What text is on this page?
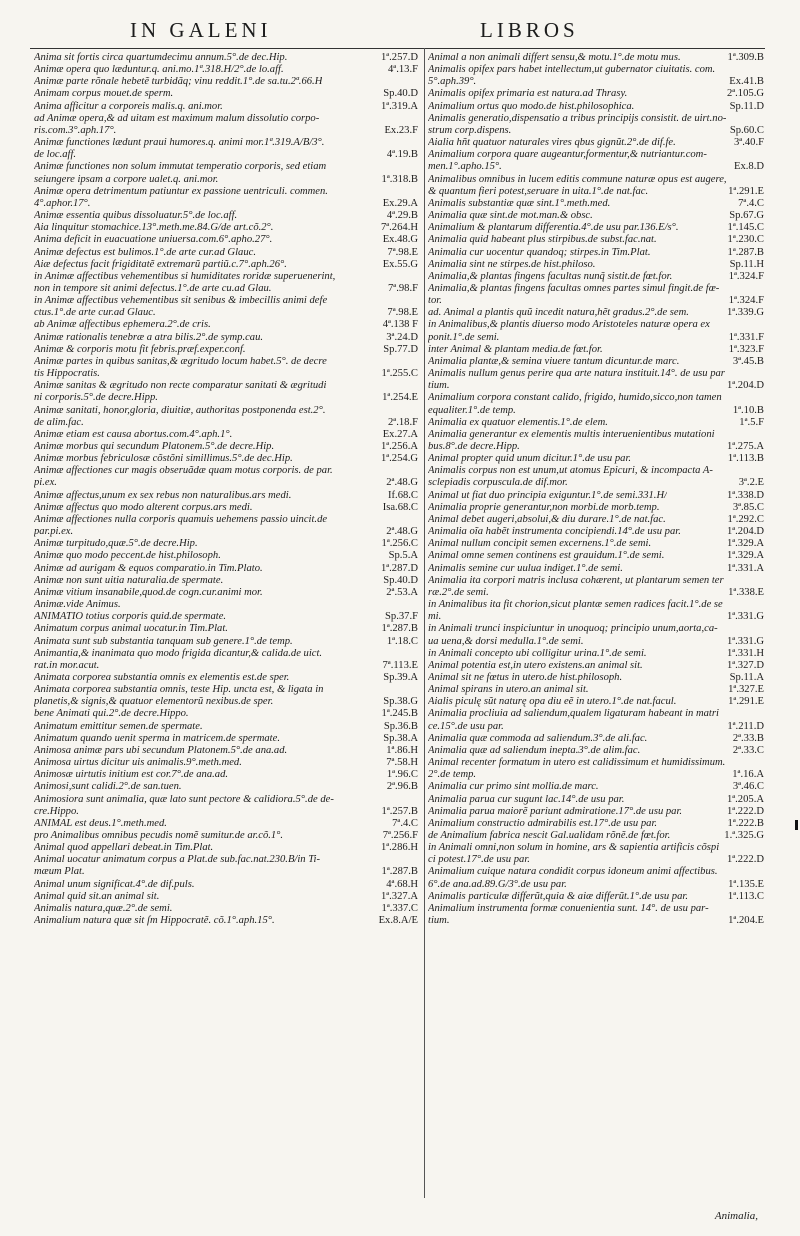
IN GALENI	LIBROS
Anima sit fortis circa quartumdecimu annum.5°.de dec.Hip.	1ª.257.D
Animæ opera quo læduntur.q. ani.mo.1ª.318.H/2°.de lo.aff.	4ª.13.F
Animæ parte rõnale hebetẽ turbidãq; vinu reddit.1°.de sa.tu.2ª.66.H
Animam corpus mouet.de sperm.	Sp.40.D
Anima afficitur a corporeis malis.q. ani.mor.	1ª.319.A
ad Animæ opera,& ad uitam est maximum malum dissolutio corpo-
ris.com.3°.aph.17°.	Ex.23.F
Animæ functiones lædunt praui humores.q. animi mor.1ª.319.A/B/3°.
de loc.aff.	4ª.19.B
Animæ functiones non solum immutat temperatio corporis, sed etiam
seiungere ipsam a corpore ualet.q. ani.mor.	1ª.318.B
Animæ opera detrimentum patiuntur ex passione uentriculi. commen.
4°.aphor.17°.	Ex.29.A
Animæ essentia quibus dissoluatur.5°.de loc.aff.	4ª.29.B
Aia linquitur stomachice.13°.meth.me.84.G/de art.cõ.2°.	7ª.264.H
Anima deficit in euacuatione uniuersa.com.6°.apho.27°.	Ex.48.G
Animæ defectus est bulimos.1°.de arte cur.ad Glauc.	7ª.98.E
Aiæ defectus facit frigiditatẽ extremarũ partiũ.c.7°.aph.26°.	Ex.55.G
in Animæ affectibus vehementibus si humiditates roridæ superuenerint,
non in tempore sit animi defectus.1°.de arte cu.ad Glau.	7ª.98.F
in Animæ affectibus vehementibus sit senibus & imbecillis animi defe
ctus.1°.de arte cur.ad Glauc.	7ª.98.E
ab Animæ affectibus ephemera.2°.de cris.	4ª.138 F
Animæ rationalis tenebræ a atra bilis.2°.de symp.cau.	3ª.24.D
Animæ & corporis motu fit febris.præf.exper.conf.	Sp.77.D
Animæ partes in quibus sanitas,& ægritudo locum habet.5°. de decre
tis Hippocratis.	1ª.255.C
Animæ sanitas & ægritudo non recte comparatur sanitati & ægritudi
ni corporis.5°.de decre.Hipp.	1ª.254.E
Animæ sanitati, honor,gloria, diuitiæ, authoritas postponenda est.2°.
de alim.fac.	2ª.18.F
Animæ etiam est causa abortus.com.4°.aph.1°.	Ex.27.A
Animæ morbus qui secundum Platonem.5°.de decre.Hip.	1ª.256.A
Animæ morbus febriculosæ cõstõni simillimus.5°.de dec.Hip.	1ª.254.G
Animæ affectiones cur magis obseruãdæ quam motus corporis. de par.
pi.ex.	2ª.48.G
Animæ affectus,unum ex sex rebus non naturalibus.ars medi.	If.68.C
Animæ affectus quo modo alterent corpus.ars medi.	Isa.68.C
Animæ affectiones nulla corporis quamuis uehemens passio uincit.de
par.pi.ex.	2ª.48.G
Animæ turpitudo,quæ.5°.de decre.Hip.	1ª.256.C
Animæ quo modo peccent.de hist.philosoph.	Sp.5.A
Animæ ad aurigam & equos comparatio.in Tim.Plato.	1ª.287.D
Animæ non sunt uitia naturalia.de spermate.	Sp.40.D
Animæ vitium insanabile,quod.de cogn.cur.animi mor.	2ª.53.A
Animæ.vide Animus.
ANIMATIO totius corporis quid.de spermate.	Sp.37.F
Animatum corpus animal uocatur.in Tim.Plat.	1ª.287.B
Animata sunt sub substantia tanquam sub genere.1°.de temp.	1ª.18.C
Animantia,& inanimata quo modo frigida dicantur,& calida.de uict.
rat.in mor.acut.	7ª.113.E
Animata corporea substantia omnis ex elementis est.de sper.	Sp.39.A
Animata corporea substantia omnis, teste Hip. uncta est, & ligata in
planetis,& signis,& quatuor elementorũ nexibus.de sper.	Sp.38.G
bene Animati qui.2°.de decre.Hippo.	1ª.245.B
Animatum emittitur semen.de spermate.	Sp.36.B
Animatum quando uenit sperma in matricem.de spermate.	Sp.38.A
Animosa animæ pars ubi secundum Platonem.5°.de ana.ad.	1ª.86.H
Animosa uirtus dicitur uis animalis.9°.meth.med.	7ª.58.H
Animosæ uirtutis initium est cor.7°.de ana.ad.	1ª.96.C
Animosi,sunt calidi.2°.de san.tuen.	2ª.96.B
Animosiora sunt animalia, quæ lato sunt pectore & calidiora.5°.de de-
cre.Hippo.	1ª.257.B
ANIMAL est deus.1°.meth.med.	7ª.4.C
pro Animalibus omnibus pecudis nomẽ sumitur.de ar.cõ.1°.	7ª.256.F
Animal quod appellari debeat.in Tim.Plat.	1ª.286.H
Animal uocatur animatum corpus a Plat.de sub.fac.nat.230.B/in Ti-
mæum Plat.	1ª.287.B
Animal unum significat.4°.de dif.puls.	4ª.68.H
Animal quid sit.an animal sit.	1ª.327.A
Animalis natura,quæ.2°.de semi.	1ª.337.C
Animalium natura quæ sit ſm Hippocratẽ. cõ.1°.aph.15°.	Ex.8.A/E
Animal a non animali differt sensu,& motu.1°.de motu mus.	1ª.309.B
Animalis opifex pars habet intellectum,ut gubernator ciuitatis. com.
5°.aph.39°.	Ex.41.B
Animalis opifex primaria est natura.ad Thrasy.	2ª.105.G
Animalium ortus quo modo.de hist.philosophica.	Sp.11.D
Animalis generatio,dispensatio a tribus principijs consistit. de uirt.no-
strum corp.dispens.	Sp.60.C
Aialia hñt quatuor naturales vires qbus gignũt.2°.de dif.fe.	3ª.40.F
Animalium corpora quare augeantur,formentur,& nutriantur.com-
men.1°.apho.15°.	Ex.8.D
Animalibus omnibus in lucem editis commune naturæ opus est augere,
& quantum fieri potest,seruare in uita.1°.de nat.fac.	1ª.291.E
Animalis substantiæ quæ sint.1°.meth.med.	7ª.4.C
Animalia quæ sint.de mot.man.& obsc.	Sp.67.G
Animalium & plantarum differentia.4°.de usu par.136.E/s°.	1ª.145.C
Animalia quid habeant plus stirpibus.de subst.fac.nat.	1ª.230.C
Animalia cur uocentur quandoq; stirpes.in Tim.Plat.	1ª.287.B
Animalia sint ne stirpes.de hist.philoso.	Sp.11.H
Animalia,& plantas fingens facultas nunq̃ sistit.de fœt.for.	1ª.324.F
Animalia,& plantas fingens facultas omnes partes simul fingit.de fœ-
tor.	1ª.324.F
ad. Animal a plantis quũ incedit natura,hẽt gradus.2°.de sem.	1ª.339.G
in Animalibus,& plantis diuerso modo Aristoteles naturæ opera ex
ponit.1°.de semi.	1ª.331.F
inter Animal & plantam media.de fœt.for.	1ª.323.F
Animalia plantæ,& semina viuere tantum dicuntur.de marc.	3ª.45.B
Animalis nullum genus perire qua arte natura instituit.14°. de usu par
tium.	1ª.204.D
Animalium corpora constant calido, frigido, humido,sicco,non tamen
equaliter.1°.de temp.	1ª.10.B
Animalia ex quatuor elementis.1°.de elem.	1ª.5.F
Animalia generantur ex elementis multis interuenientibus mutationi
bus.8°.de decre.Hipp.	1ª.275.A
Animal propter quid unum dicitur.1°.de usu par.	1ª.113.B
Animalis corpus non est unum,ut atomus Epicuri, & incompacta A-
sclepiadis corpuscula.de dif.mor.	3ª.2.E
Animal ut fiat duo principia exiguntur.1°.de semi.331.H/	1ª.338.D
Animalia proprie generantur,non morbi.de morb.temp.	3ª.85.C
Animal debet augeri,absolui,& diu durare.1°.de nat.fac.	1ª.292.C
Animalia oĩa habẽt instrumenta concipiendi.14°.de usu par.	1ª.204.D
Animal nullum concipit semen excernens.1°.de semi.	1ª.329.A
Animal omne semen continens est grauidum.1°.de semi.	1ª.329.A
Animalis semine cur uulua indiget.1°.de semi.	1ª.331.A
Animalia ita corpori matris inclusa cohærent, ut plantarum semen ter
ræ.2°.de semi.	1ª.338.E
in Animalibus ita fit chorion,sicut plantæ semen radices facit.1°.de se
mi.	1ª.331.G
in Animali trunci inspiciuntur in unoquoq; principio unum,aorta,ca-
ua uena,& dorsi medulla.1°.de semi.	1ª.331.G
in Animali concepto ubi colligitur urina.1°.de semi.	1ª.331.H
Animal potentia est,in utero existens.an animal sit.	1ª.327.D
Animal sit ne fœtus in utero.de hist.philosoph.	Sp.11.A
Animal spirans in utero.an animal sit.	1ª.327.E
Aialis piculę sũt naturę opa diu eẽ in utero.1°.de nat.facul.	1ª.291.E
Animalia procliuia ad saliendum,qualem ligaturam habeant in matri
ce.15°.de usu par.	1ª.211.D
Animalia quæ commoda ad saliendum.3°.de ali.fac.	2ª.33.B
Animalia quæ ad saliendum inepta.3°.de alim.fac.	2ª.33.C
Animal recenter formatum in utero est calidissimum et humidissimum.
2°.de temp.	1ª.16.A
Animalia cur primo sint mollia.de marc.	3ª.46.C
Animalia parua cur sugunt lac.14°.de usu par.	1ª.205.A
Animalia parua maiorẽ pariunt admiratione.17°.de usu par.	1ª.222.D
Animalium constructio admirabilis est.17°.de usu par.	1ª.222.B
de Animalium fabrica nescit Gal.ualidam rõnẽ.de fœt.for.	1.ª.325.G
in Animali omni,non solum in homine, ars & sapientia artificis cõspi
ci potest.17°.de usu par.	1ª.222.D
Animalium cuique natura condidit corpus idoneum animi affectibus.
6°.de ana.ad.89.G/3°.de usu par.	1ª.135.E
Animalis particulæ differũt,quia & aiæ differũt.1°.de usu par.	1ª.113.C
Animalium instrumenta formæ conuenientia sunt. 14°. de usu par-
tium.	1ª.204.E
Animalia,
